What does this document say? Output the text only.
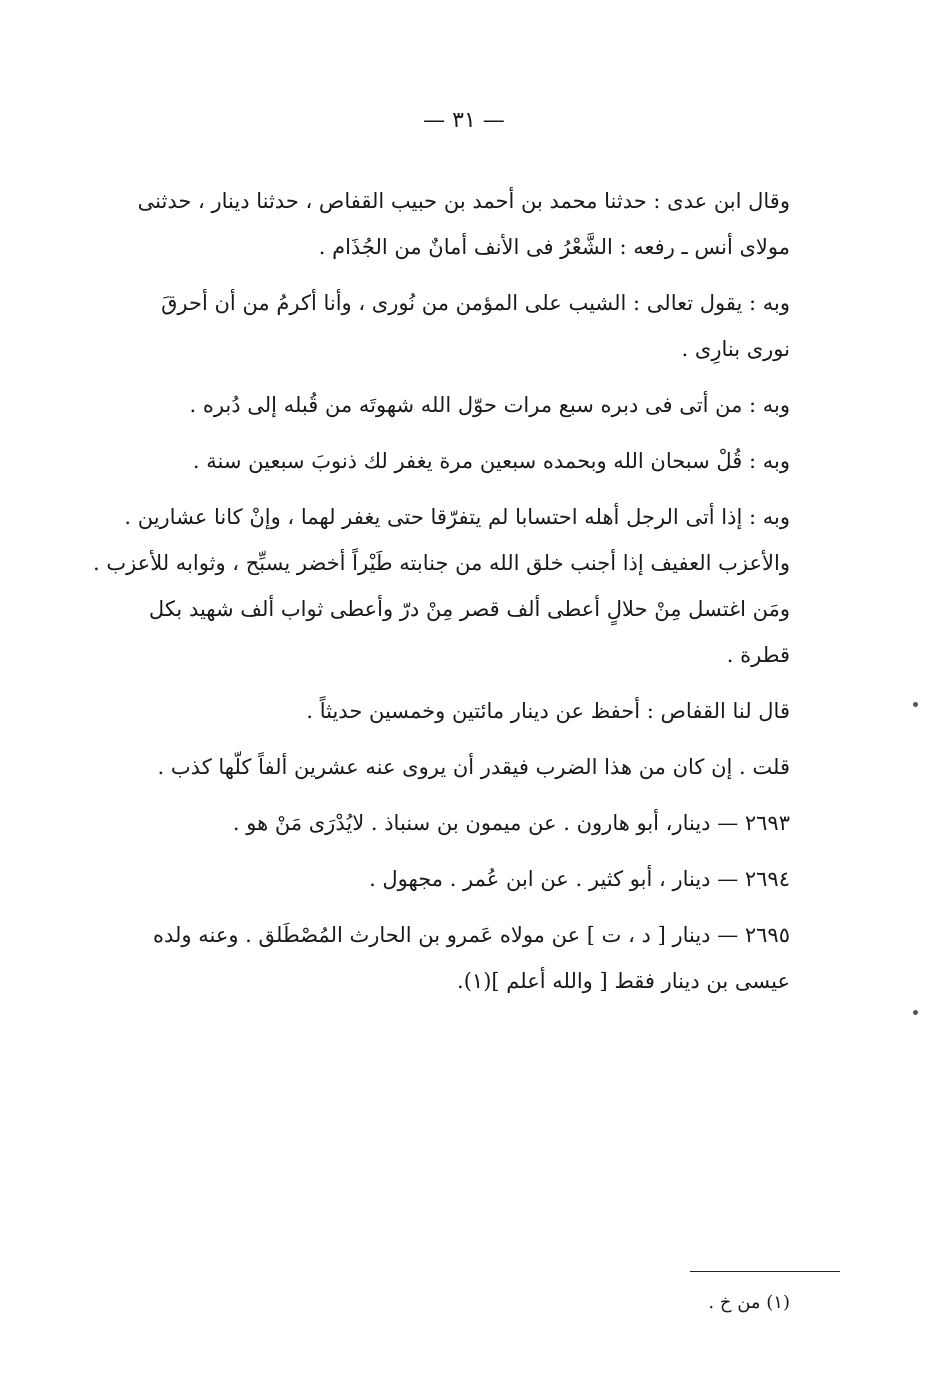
— ٣١ —

وقال ابن عدى : حدثنا محمد بن أحمد بن حبيب القفاص ، حدثنا دينار ، حدثنى
مولاى أنس ـ رفعه : الشَّعْرُ فى الأنف أمانٌ من الجُذَام .

وبه : يقول تعالى : الشيب على المؤمن من نُورى ، وأنا أكرمُ من أن أحرقَ
نورى بنارِى .

وبه : من أتى فى دبره سبع مرات حوّل الله شهوتَه من قُبله إلى دُبره .

وبه : قُلْ سبحان الله وبحمده سبعين مرة يغفر لك ذنوبَ سبعين سنة .

وبه : إذا أتى الرجل أهله احتسابا لم يتفرّقا حتى يغفر لهما ، وإنْ كانا عشارين .
والأعزب العفيف إذا أجنب خلق الله من جنابته طَيْراً أخضر يسبِّح ، وثوابه للأعزب .
ومَن اغتسل مِنْ حلالٍ أعطى ألف قصر مِنْ درّ وأعطى ثواب ألف شهيد بكل
قطرة .

قال لنا القفاص : أحفظ عن دينار مائتين وخمسين حديثاً .

قلت . إن كان من هذا الضرب فيقدر أن يروى عنه عشرين ألفاً كلّها كذب .

٢٦٩٣ — دينار، أبو هارون . عن ميمون بن سنباذ . لايُدْرَى مَنْ هو .

٢٦٩٤ — دينار ، أبو كثير . عن ابن عُمر . مجهول .

٢٦٩٥ — دينار [ د ، ت ] عن مولاه عَمرو بن الحارث المُصْطَلق . وعنه ولده
عيسى بن دينار فقط [ والله أعلم ](١).

(١) من خ .
